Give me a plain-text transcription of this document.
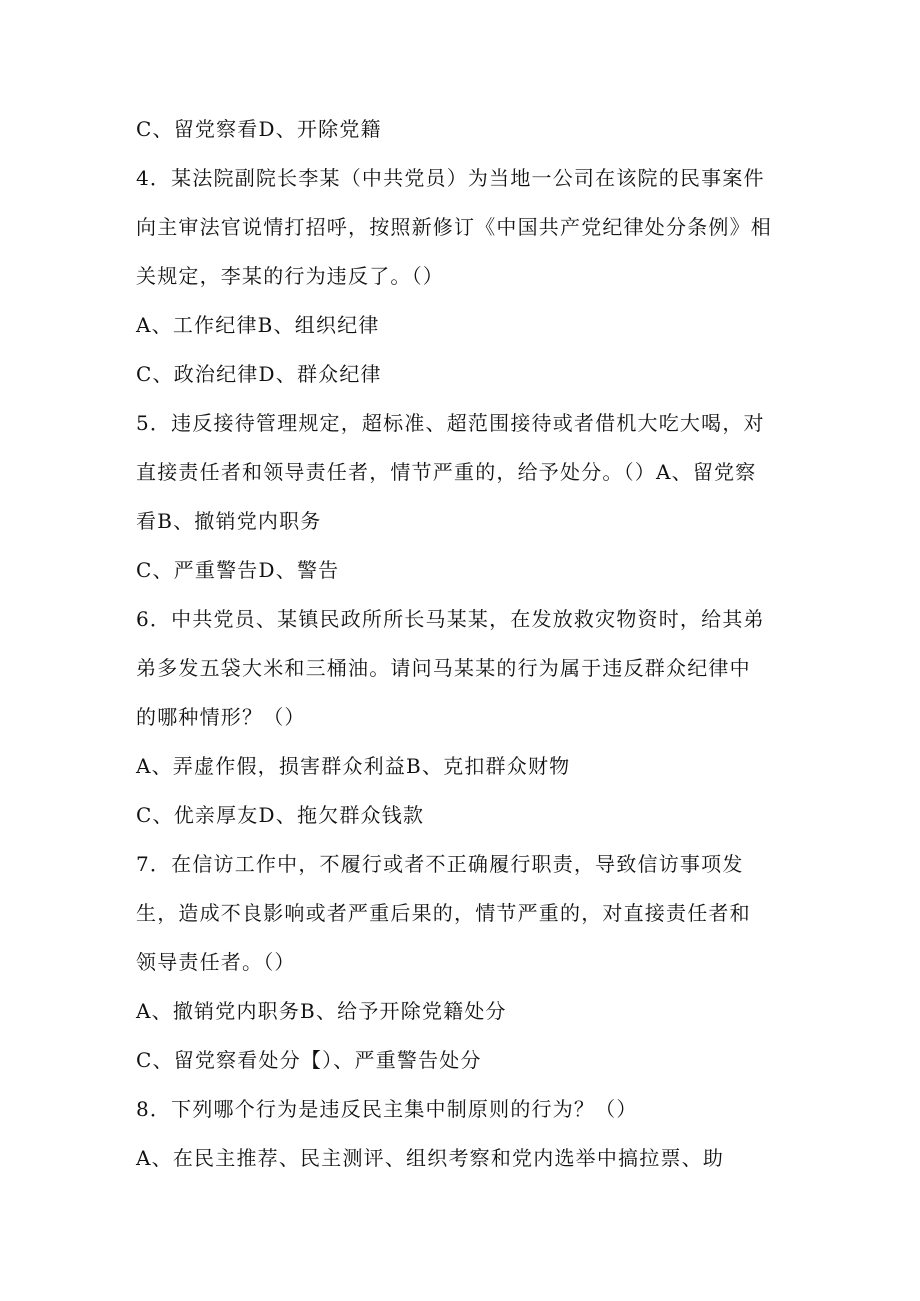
C、留党察看D、开除党籍
4．某法院副院长李某（中共党员）为当地一公司在该院的民事案件
向主审法官说情打招呼，按照新修订《中国共产党纪律处分条例》相
关规定，李某的行为违反了。（）
A、工作纪律B、组织纪律
C、政治纪律D、群众纪律
5．违反接待管理规定，超标准、超范围接待或者借机大吃大喝，对
直接责任者和领导责任者，情节严重的，给予处分。（）A、留党察
看B、撤销党内职务
C、严重警告D、警告
6．中共党员、某镇民政所所长马某某，在发放救灾物资时，给其弟
弟多发五袋大米和三桶油。请问马某某的行为属于违反群众纪律中
的哪种情形？（）
A、弄虚作假，损害群众利益B、克扣群众财物
C、优亲厚友D、拖欠群众钱款
7．在信访工作中，不履行或者不正确履行职责，导致信访事项发
生，造成不良影响或者严重后果的，情节严重的，对直接责任者和
领导责任者。（）
A、撤销党内职务B、给予开除党籍处分
C、留党察看处分【）、严重警告处分
8．下列哪个行为是违反民主集中制原则的行为？（）
A、在民主推荐、民主测评、组织考察和党内选举中搞拉票、助
